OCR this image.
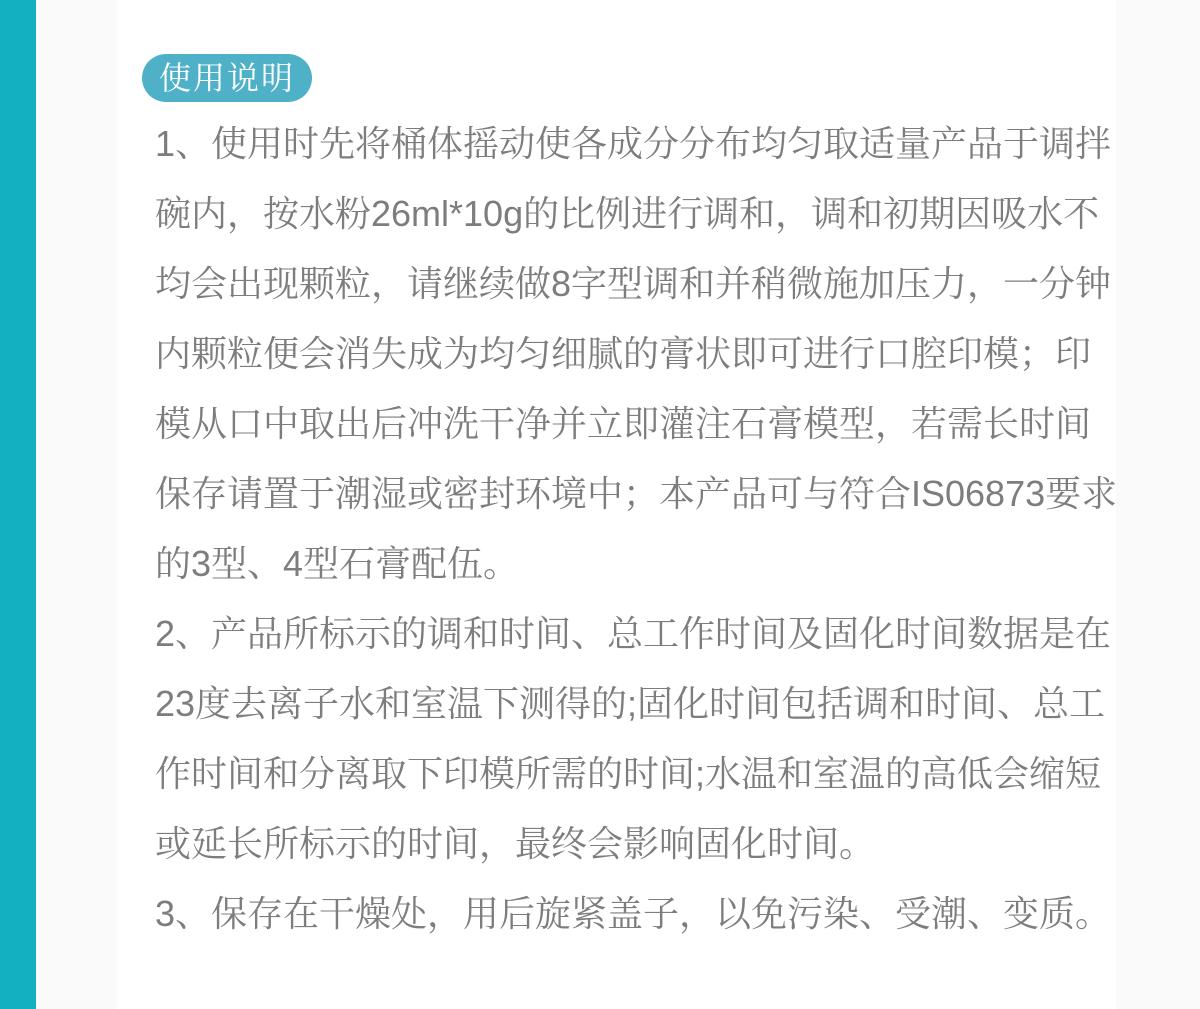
使用说明
1、使用时先将桶体摇动使各成分分布均匀取适量产品于调拌
碗内，按水粉26ml*10g的比例进行调和，调和初期因吸水不
均会出现颗粒，请继续做8字型调和并稍微施加压力，一分钟
内颗粒便会消失成为均匀细腻的膏状即可进行口腔印模；印
模从口中取出后冲洗干净并立即灌注石膏模型，若需长时间
保存请置于潮湿或密封环境中；本产品可与符合IS06873要求
的3型、4型石膏配伍。
2、产品所标示的调和时间、总工作时间及固化时间数据是在
23度去离子水和室温下测得的;固化时间包括调和时间、总工
作时间和分离取下印模所需的时间;水温和室温的高低会缩短
或延长所标示的时间，最终会影响固化时间。
3、保存在干燥处，用后旋紧盖子，以免污染、受潮、变质。
